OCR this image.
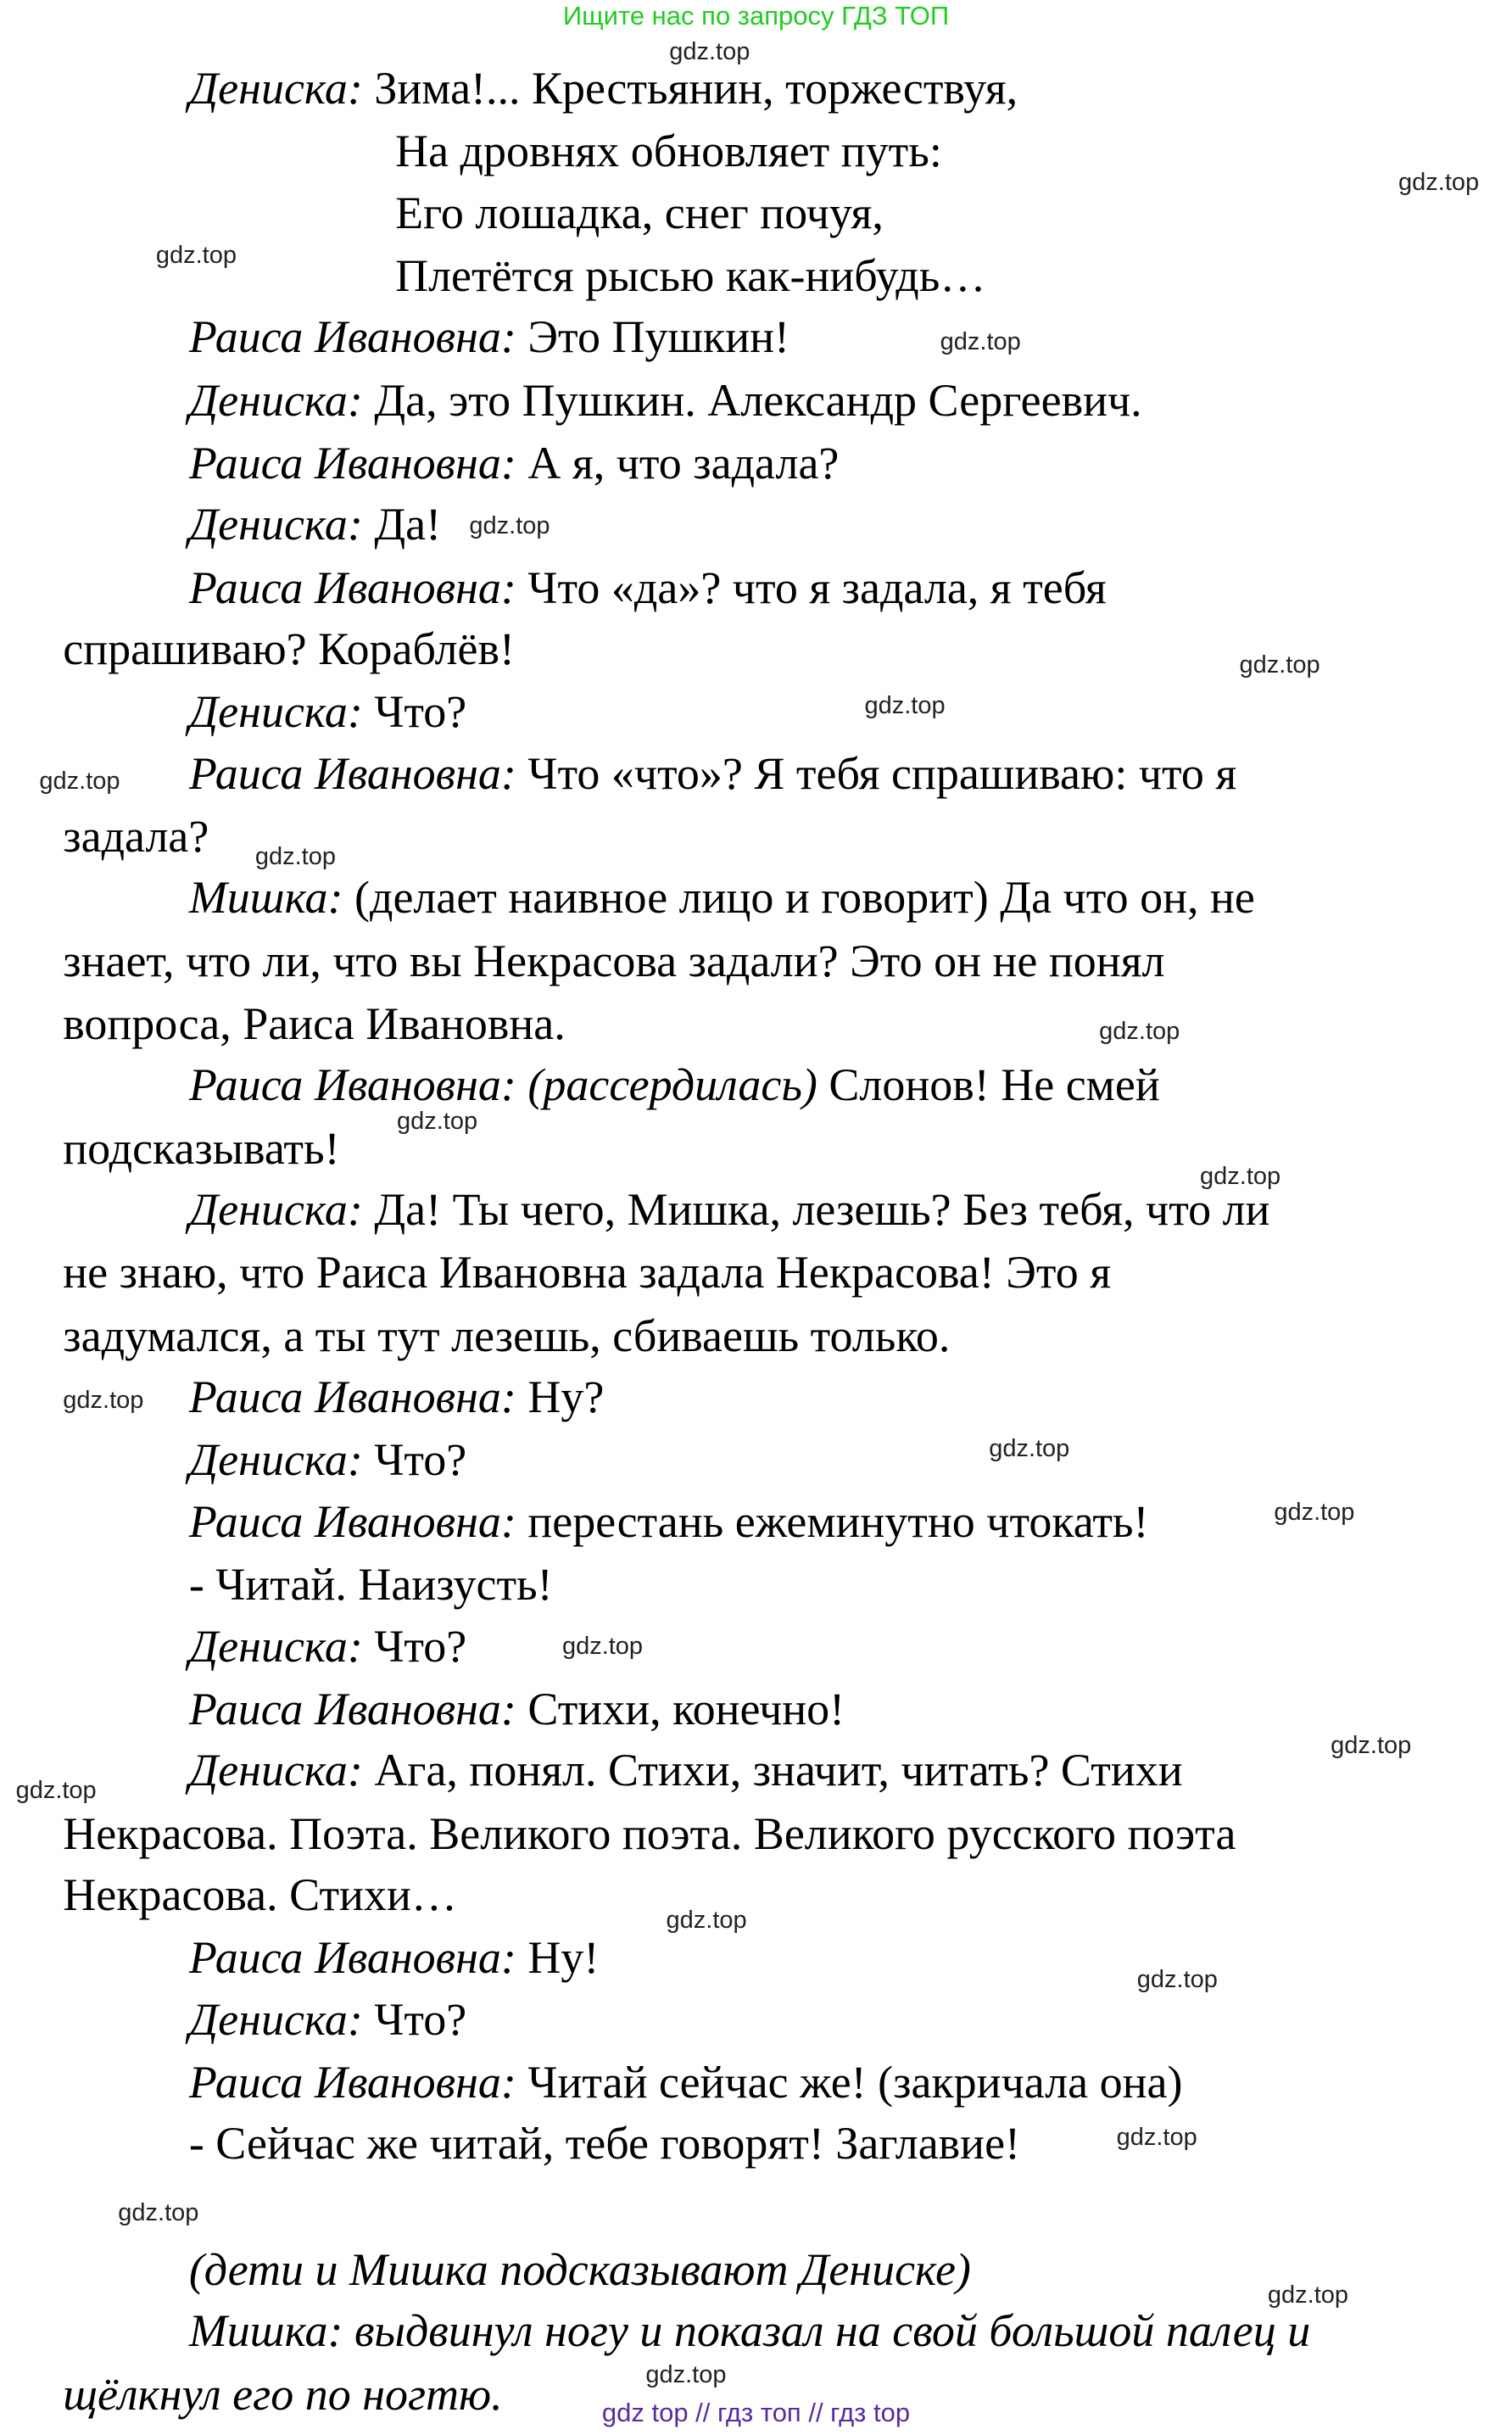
Ищите нас по запросу ГДЗ ТОП
Дениска: Зима!... Крестьянин, торжествуя,
На дровнях обновляет путь:
Его лошадка, снег почуя,
Плетётся рысью как-нибудь…
Раиса Ивановна: Это Пушкин!
Дениска: Да, это Пушкин. Александр Сергеевич.
Раиса Ивановна: А я, что задала?
Дениска: Да!
Раиса Ивановна: Что «да»? что я задала, я тебя
спрашиваю? Кораблёв!
Дениска: Что?
Раиса Ивановна: Что «что»? Я тебя спрашиваю: что я
задала?
Мишка: (делает наивное лицо и говорит) Да что он, не
знает, что ли, что вы Некрасова задали? Это он не понял
вопроса, Раиса Ивановна.
Раиса Ивановна: (рассердилась) Слонов! Не смей
подсказывать!
Дениска: Да! Ты чего, Мишка, лезешь? Без тебя, что ли
не знаю, что Раиса Ивановна задала Некрасова! Это я
задумался, а ты тут лезешь, сбиваешь только.
Раиса Ивановна: Ну?
Дениска: Что?
Раиса Ивановна: перестань ежеминутно чтокать!
- Читай. Наизусть!
Дениска: Что?
Раиса Ивановна: Стихи, конечно!
Дениска: Ага, понял. Стихи, значит, читать? Стихи
Некрасова. Поэта. Великого поэта. Великого русского поэта
Некрасова. Стихи…
Раиса Ивановна: Ну!
Дениска: Что?
Раиса Ивановна: Читай сейчас же! (закричала она)
- Сейчас же читай, тебе говорят! Заглавие!
(дети и Мишка подсказывают Дениске)
Мишка: выдвинул ногу и показал на свой большой палец и
щёлкнул его по ногтю.	gdz top // гдз топ // гдз top
gdz.top
gdz.top
gdz.top
gdz.top
gdz.top
gdz.top
gdz.top
gdz.top
gdz.top
gdz.top
gdz.top
gdz.top
gdz.top
gdz.top
gdz.top
gdz.top
gdz.top
gdz.top
gdz.top
gdz.top
gdz.top
gdz.top
gdz.top
gdz.top
